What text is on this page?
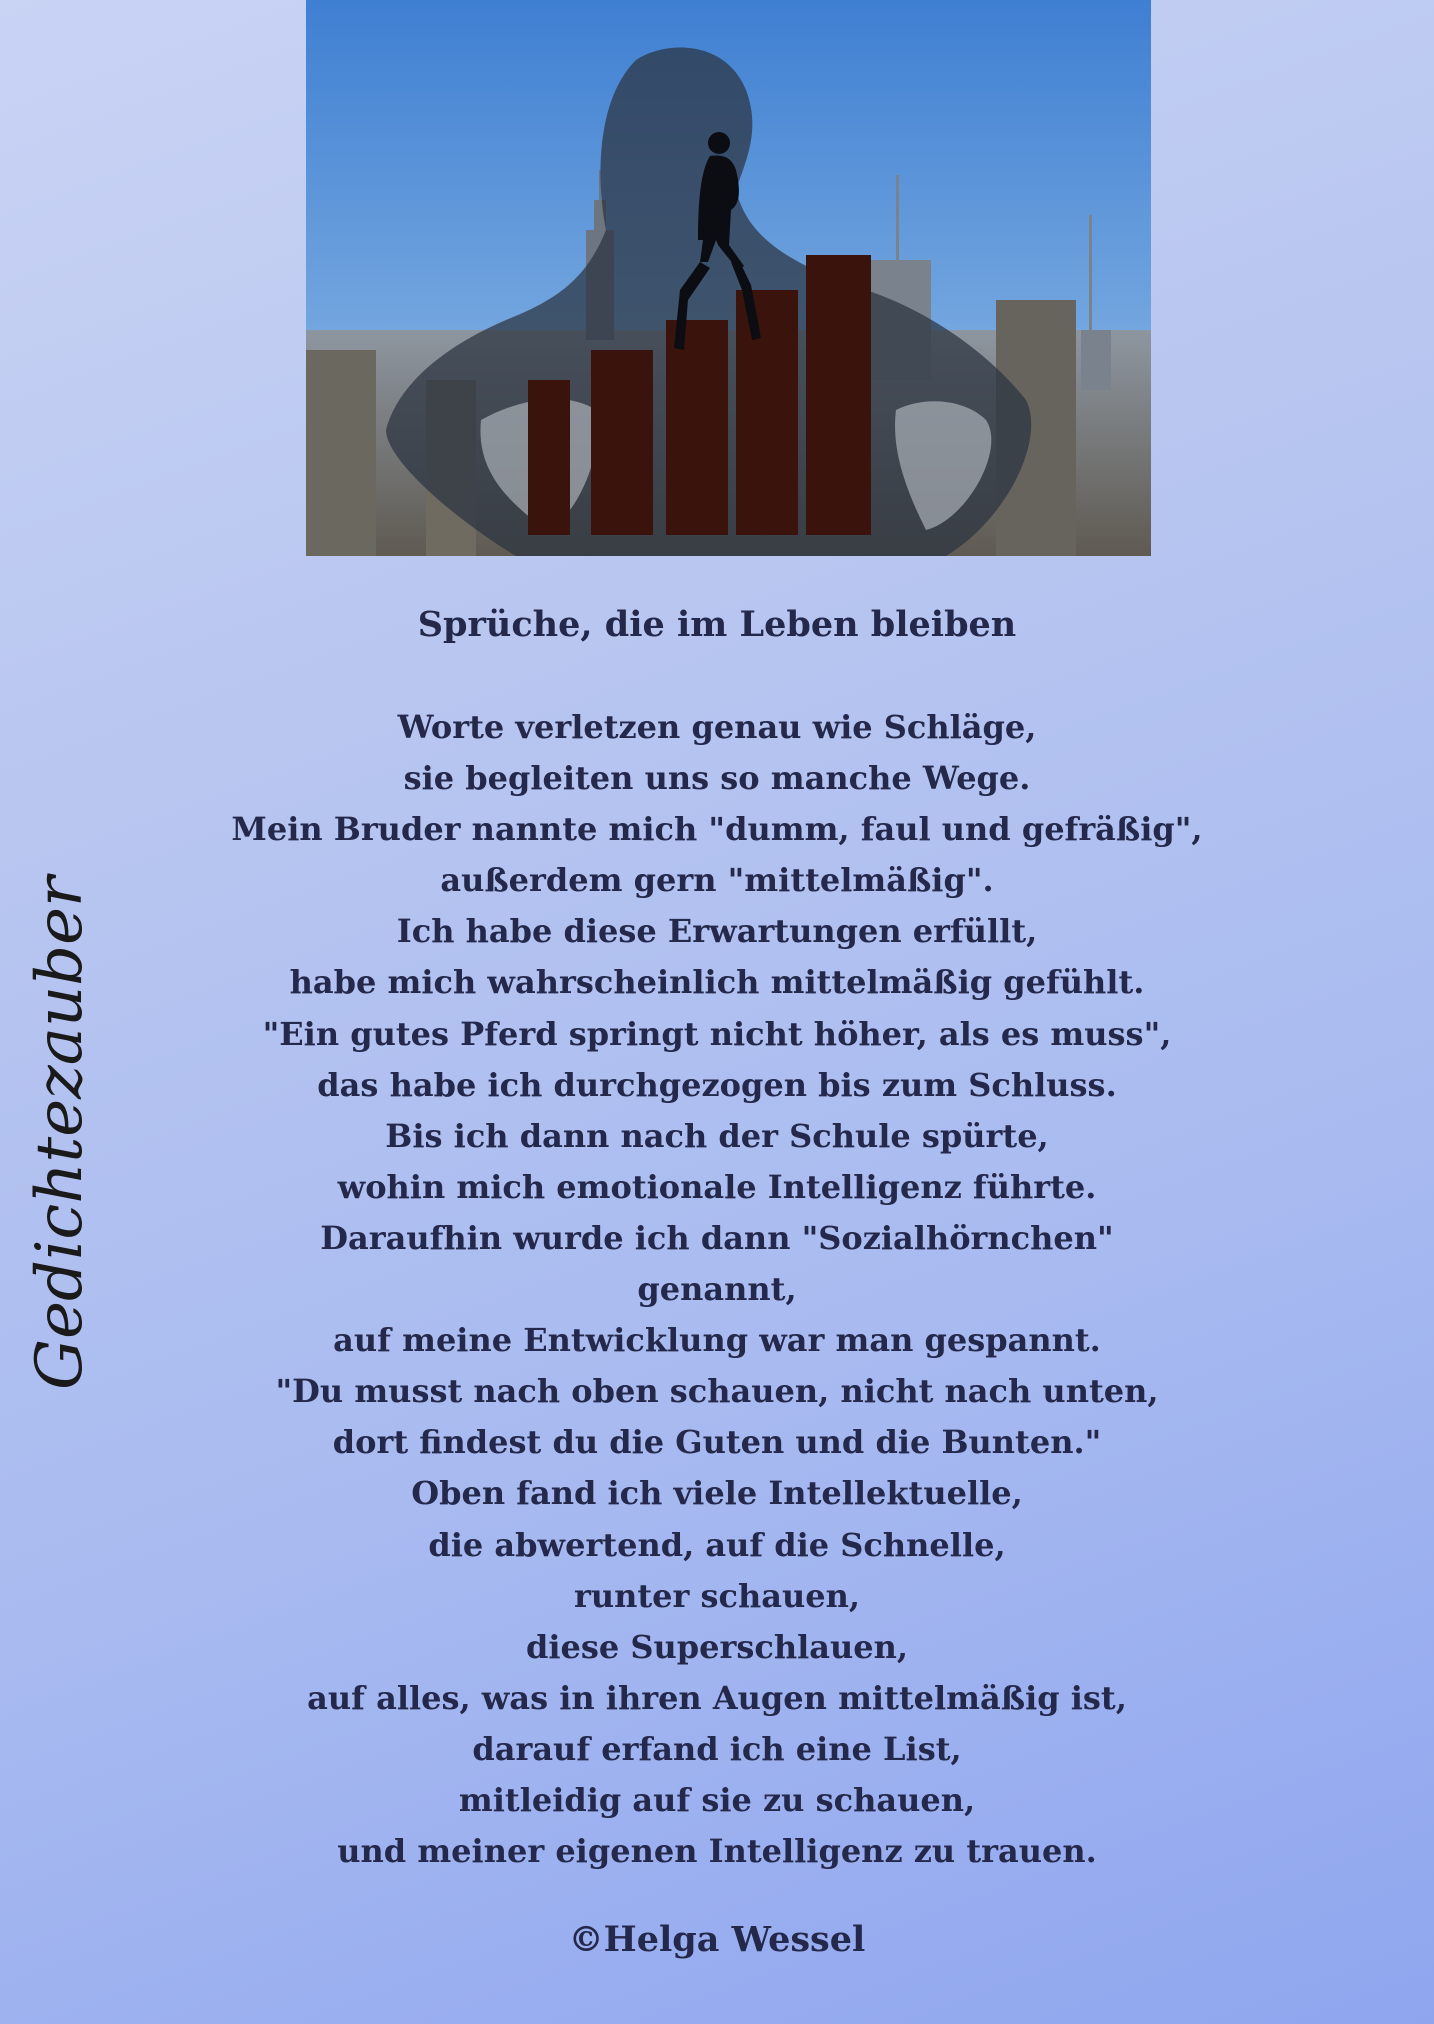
Gedichtezauber
Sprüche, die im Leben bleiben
Worte verletzen genau wie Schläge,
sie begleiten uns so manche Wege.
Mein Bruder nannte mich "dumm, faul und gefräßig",
außerdem gern "mittelmäßig".
Ich habe diese Erwartungen erfüllt,
habe mich wahrscheinlich mittelmäßig gefühlt.
"Ein gutes Pferd springt nicht höher, als es muss",
das habe ich durchgezogen bis zum Schluss.
Bis ich dann nach der Schule spürte,
wohin mich emotionale Intelligenz führte.
Daraufhin wurde ich dann "Sozialhörnchen"
genannt,
auf meine Entwicklung war man gespannt.
"Du musst nach oben schauen, nicht nach unten,
dort findest du die Guten und die Bunten."
Oben fand ich viele Intellektuelle,
die abwertend, auf die Schnelle,
runter schauen,
diese Superschlauen,
auf alles, was in ihren Augen mittelmäßig ist,
darauf erfand ich eine List,
mitleidig auf sie zu schauen,
und meiner eigenen Intelligenz zu trauen.
©Helga Wessel
